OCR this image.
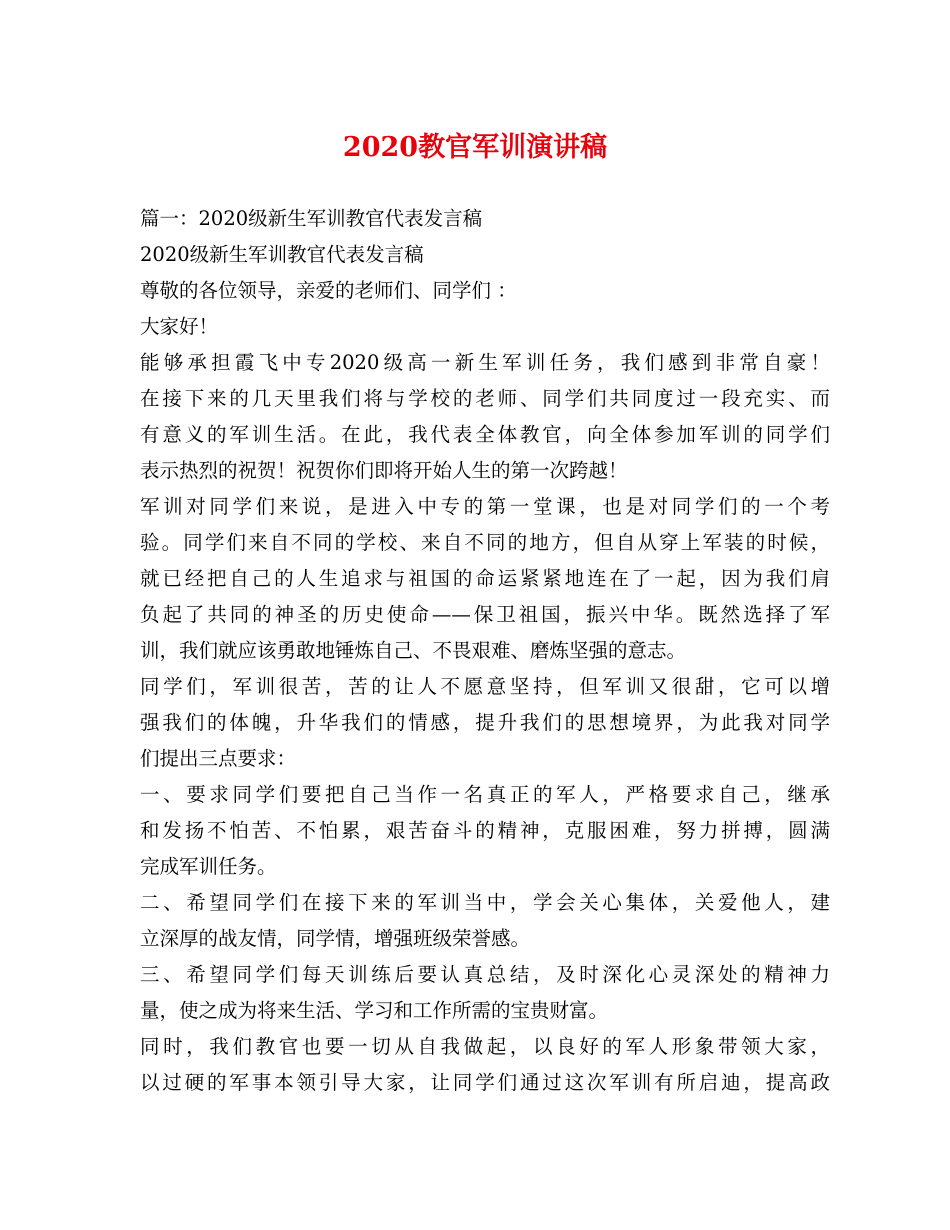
2020教官军训演讲稿
篇一：2020级新生军训教官代表发言稿
2020级新生军训教官代表发言稿
尊敬的各位领导，亲爱的老师们、同学们 ：
大家好！
能够承担霞飞中专2020级高一新生军训任务，我们感到非常自豪！
在接下来的几天里我们将与学校的老师、同学们共同度过一段充实、而
有意义的军训生活。在此，我代表全体教官，向全体参加军训的同学们
表示热烈的祝贺！祝贺你们即将开始人生的第一次跨越！
军训对同学们来说，是进入中专的第一堂课，也是对同学们的一个考
验。同学们来自不同的学校、来自不同的地方，但自从穿上军装的时候，
就已经把自己的人生追求与祖国的命运紧紧地连在了一起，因为我们肩
负起了共同的神圣的历史使命——保卫祖国，振兴中华。既然选择了军
训，我们就应该勇敢地锤炼自己、不畏艰难、磨炼坚强的意志。
同学们，军训很苦，苦的让人不愿意坚持，但军训又很甜，它可以增
强我们的体魄，升华我们的情感，提升我们的思想境界，为此我对同学
们提出三点要求：
一、要求同学们要把自己当作一名真正的军人，严格要求自己，继承
和发扬不怕苦、不怕累，艰苦奋斗的精神，克服困难，努力拼搏，圆满
完成军训任务。
二、希望同学们在接下来的军训当中，学会关心集体，关爱他人，建
立深厚的战友情，同学情，增强班级荣誉感。
三、希望同学们每天训练后要认真总结，及时深化心灵深处的精神力
量，使之成为将来生活、学习和工作所需的宝贵财富。
同时，我们教官也要一切从自我做起，以良好的军人形象带领大家，
以过硬的军事本领引导大家，让同学们通过这次军训有所启迪，提高政
